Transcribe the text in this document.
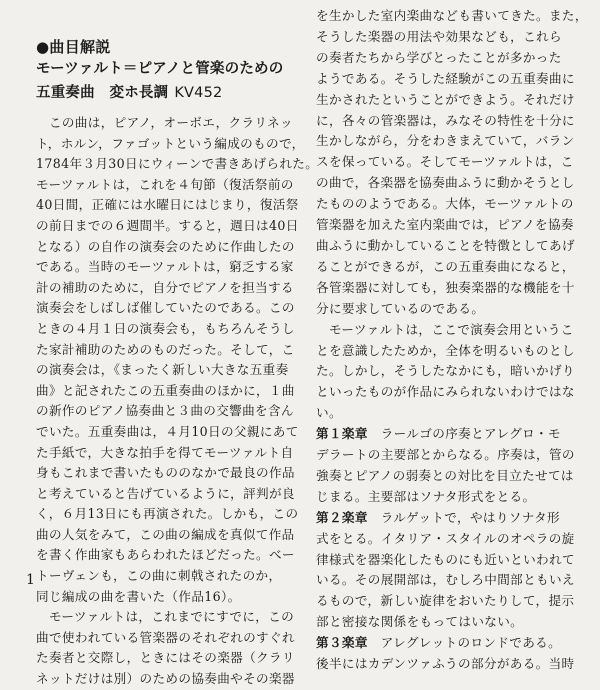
●曲目解説
モーツァルト＝ピアノと管楽のための
五重奏曲　変ホ長調 KV452
　この曲は，ピアノ，オーボエ，クラリネッ
ト，ホルン，ファゴットという編成のもので，
1784年３月30日にウィーンで書きあげられた。
モーツァルトは，これを４旬節（復活祭前の
40日間，正確には水曜日にはじまり，復活祭
の前日までの６週間半。すると，週日は40日
となる）の自作の演奏会のために作曲したの
である。当時のモーツァルトは，窮乏する家
計の補助のために，自分でピアノを担当する
演奏会をしばしば催していたのである。この
ときの４月１日の演奏会も，もちろんそうし
た家計補助のためのものだった。そして，こ
の演奏会は，《まったく新しい大きな五重奏
曲》と記されたこの五重奏曲のほかに，１曲
の新作のピアノ協奏曲と３曲の交響曲を含ん
でいた。五重奏曲は，４月10日の父親にあて
た手紙で，大きな拍手を得てモーツァルト自
身もこれまで書いたもののなかで最良の作品
と考えていると告げているように，評判が良
く，６月13日にも再演された。しかも，この
曲の人気をみて，この曲の編成を真似て作品
を書く作曲家もあらわれたほどだった。べー
トーヴェンも，この曲に刺戟されたのか，
同じ編成の曲を書いた（作品16）。
　モーツァルトは，これまでにすでに，この
曲で使われている管楽器のそれぞれのすぐれ
た奏者と交際し，ときにはその楽器（クラリ
ネットだけは別）のための協奏曲やその楽器
を生かした室内楽曲なども書いてきた。また，
そうした楽器の用法や効果なども，これら
の奏者たちから学びとったことが多かった
ようである。そうした経験がこの五重奏曲に
生かされたということができよう。それだけ
に，各々の管楽器は，みなその特性を十分に
生かしながら，分をわきまえていて，バラン
スを保っている。そしてモーツァルトは，こ
の曲で，各楽器を協奏曲ふうに動かそうとし
たもののようである。大体，モーツァルトの
管楽器を加えた室内楽曲では，ピアノを協奏
曲ふうに動かしていることを特徴としてあげ
ることができるが，この五重奏曲になると，
各管楽器に対しても，独奏楽器的な機能を十
分に要求しているのである。
　モーツァルトは，ここで演奏会用というこ
とを意識したためか，全体を明るいものとし
た。しかし，そうしたなかにも，暗いかげり
といったものが作品にみられないわけではな
い。
第１楽章　ラールゴの序奏とアレグロ・モ
デラートの主要部とからなる。序奏は，管の
強奏とピアノの弱奏との対比を目立たせては
じまる。主要部はソナタ形式をとる。
第２楽章　ラルゲットで，やはりソナタ形
式をとる。イタリア・スタイルのオペラの旋
律様式を器楽化したものにも近いといわれて
いる。その展開部は，むしろ中間部ともいえ
るもので，新しい旋律をおいたりして，提示
部と密接な関係をもってはいない。
第３楽章　アレグレットのロンドである。
後半にはカデンツァふうの部分がある。当時
1
